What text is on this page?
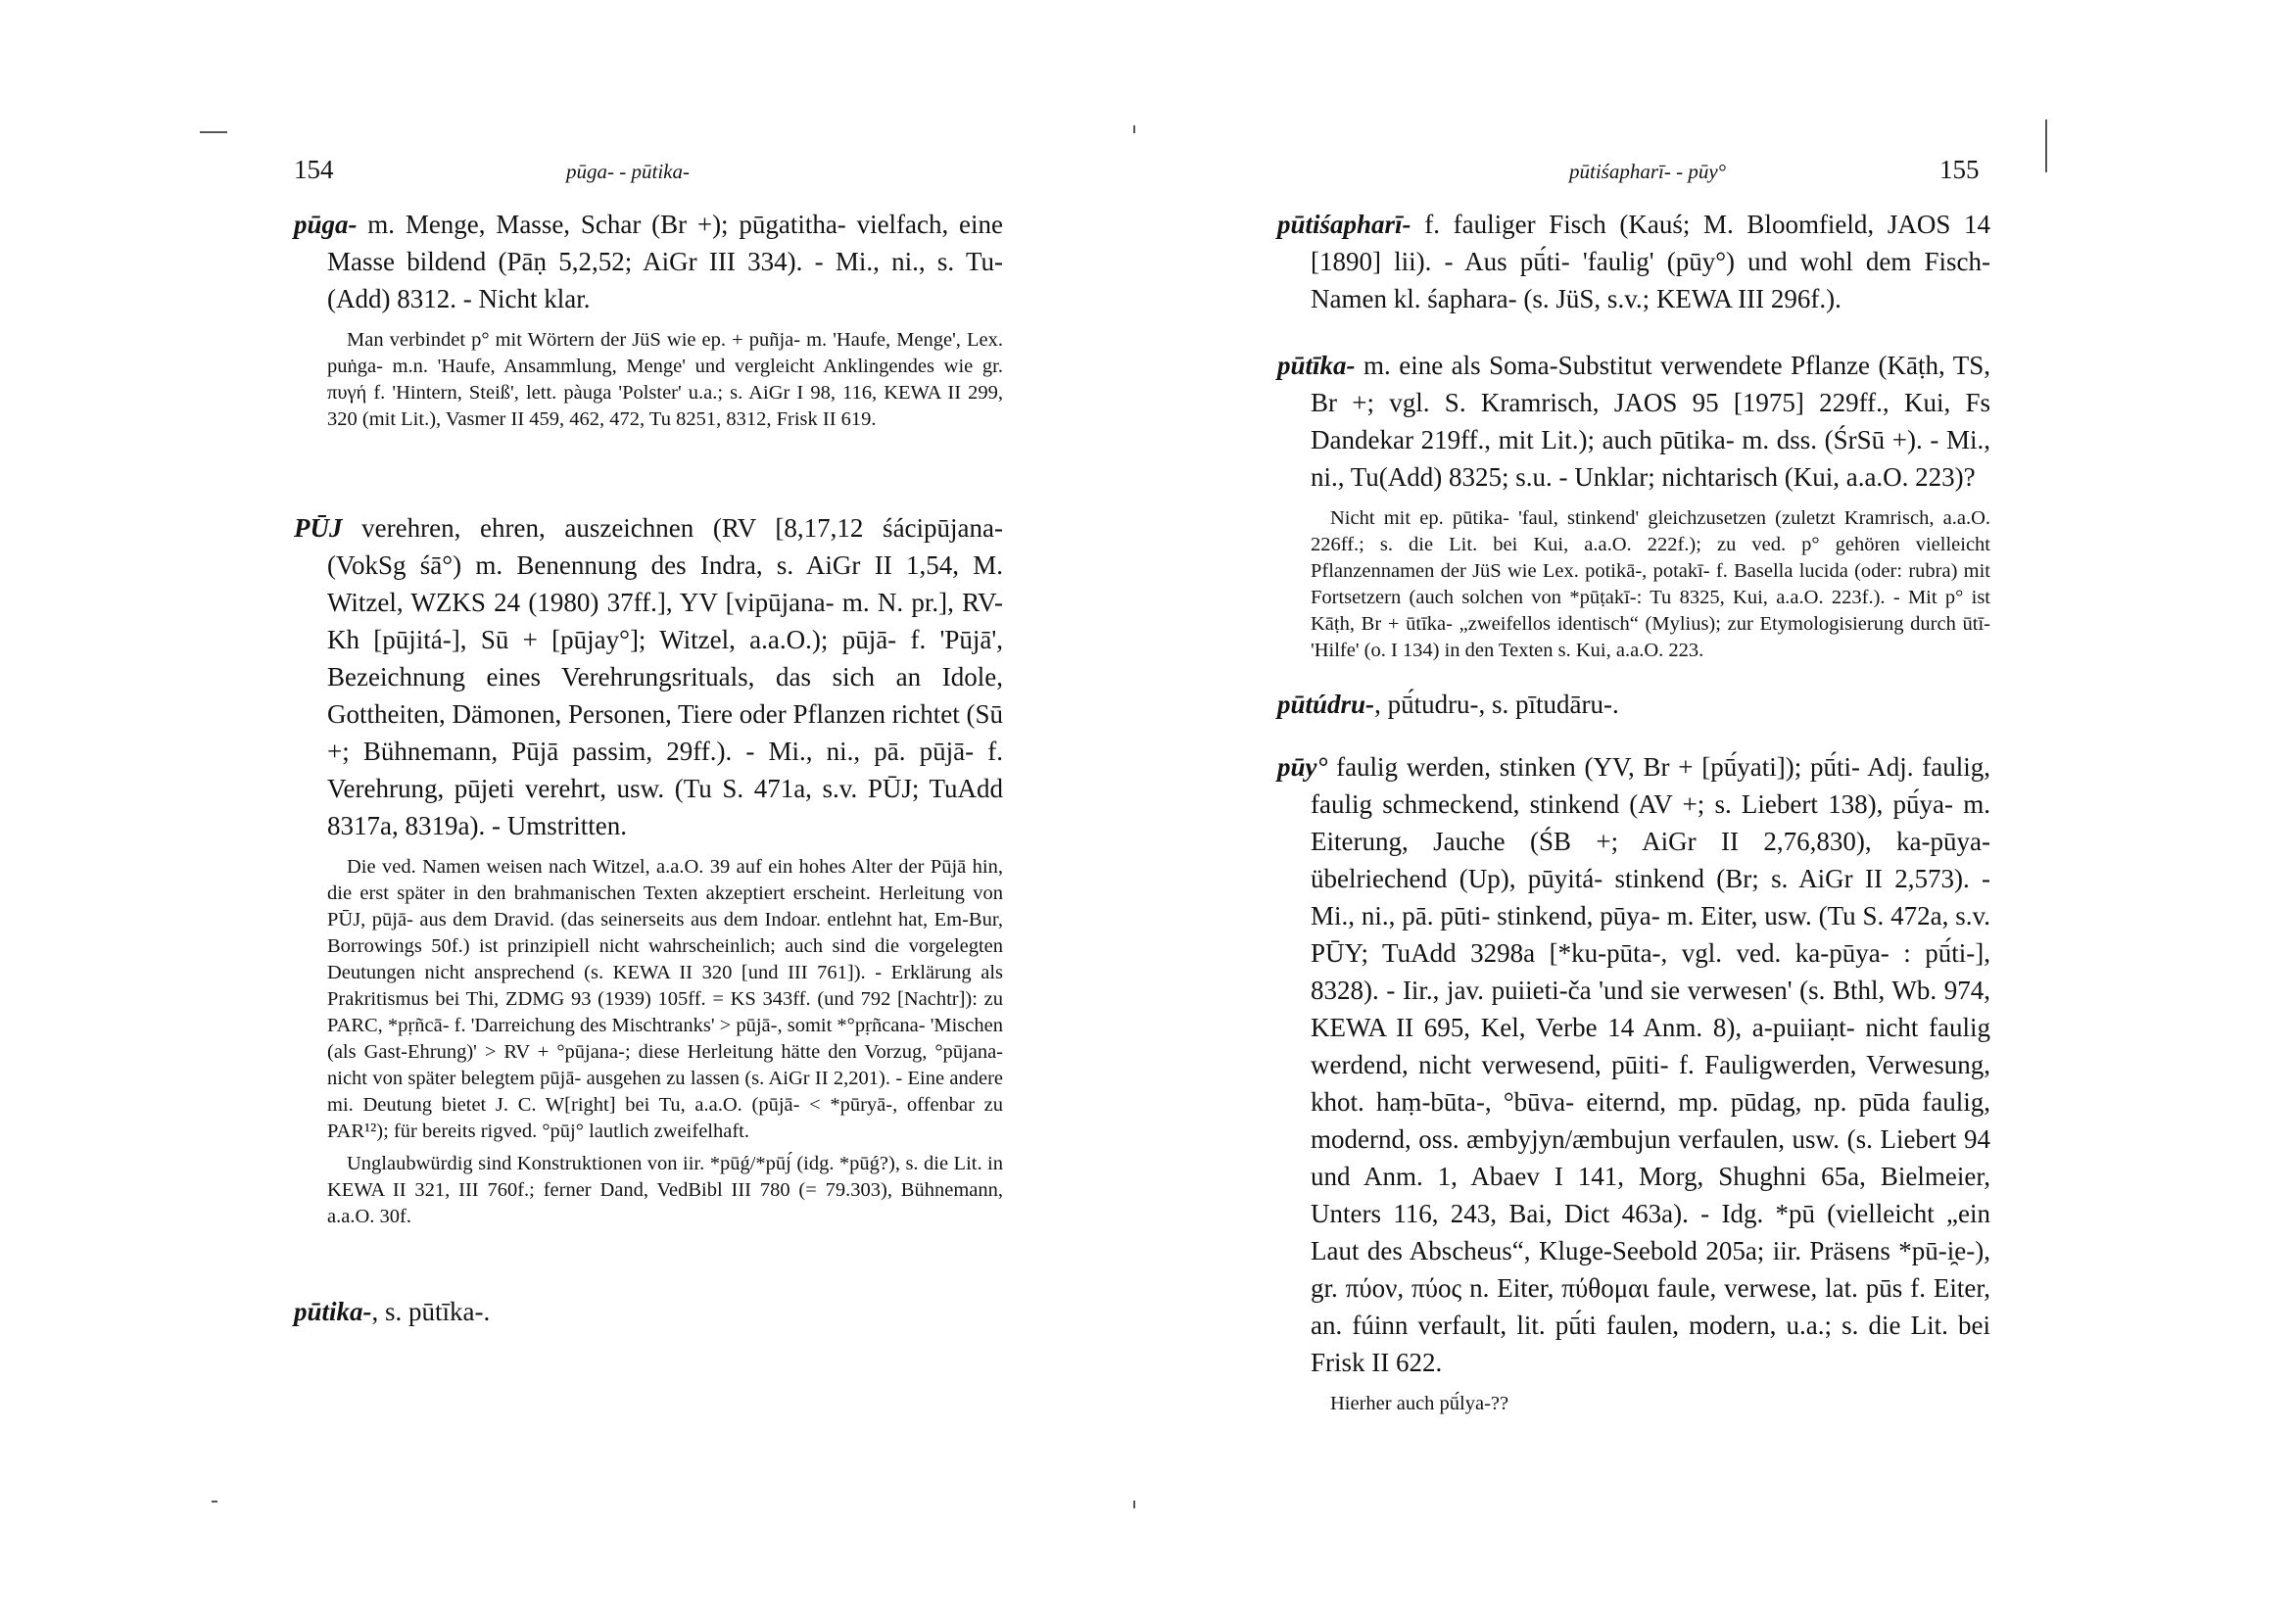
154	pūga- - pūtika-

pūga- m. Menge, Masse, Schar (Br +); pūgatitha- vielfach, eine Masse bildend (Pāṇ 5,2,52; AiGr III 334). - Mi., ni., s. Tu-(Add) 8312. - Nicht klar.

Man verbindet p° mit Wörtern der JüS wie ep. + puñja- m. 'Haufe, Menge', Lex. puṅga- m.n. 'Haufe, Ansammlung, Menge' und vergleicht Anklingendes wie gr. πυγή f. 'Hintern, Steiß', lett. pàuga 'Polster' u.a.; s. AiGr I 98, 116, KEWA II 299, 320 (mit Lit.), Vasmer II 459, 462, 472, Tu 8251, 8312, Frisk II 619.

PŪJ verehren, ehren, auszeichnen (RV [8,17,12 śácipūjana- (VokSg śā°) m. Benennung des Indra, s. AiGr II 1,54, M. Witzel, WZKS 24 (1980) 37ff.], YV [vipūjana- m. N. pr.], RV-Kh [pūjitá-], Sū + [pūjay°]; Witzel, a.a.O.); pūjā- f. 'Pūjā', Bezeichnung eines Verehrungsrituals, das sich an Idole, Gottheiten, Dämonen, Personen, Tiere oder Pflanzen richtet (Sū +; Bühnemann, Pūjā passim, 29ff.). - Mi., ni., pā. pūjā- f. Verehrung, pūjeti verehrt, usw. (Tu S. 471a, s.v. PŪJ; TuAdd 8317a, 8319a). - Umstritten.

Die ved. Namen weisen nach Witzel, a.a.O. 39 auf ein hohes Alter der Pūjā hin, die erst später in den brahmanischen Texten akzeptiert erscheint. Herleitung von PŪJ, pūjā- aus dem Dravid. (das seinerseits aus dem Indoar. entlehnt hat, Em-Bur, Borrowings 50f.) ist prinzipiell nicht wahrscheinlich; auch sind die vorgelegten Deutungen nicht ansprechend (s. KEWA II 320 [und III 761]). - Erklärung als Prakritismus bei Thi, ZDMG 93 (1939) 105ff. = KS 343ff. (und 792 [Nachtr]): zu PARC, *pṛñcā- f. 'Darreichung des Mischtranks' > pūjā-, somit *°pṛñcana- 'Mischen (als Gast-Ehrung)' > RV + °pūjana-; diese Herleitung hätte den Vorzug, °pūjana- nicht von später belegtem pūjā- ausgehen zu lassen (s. AiGr II 2,201). - Eine andere mi. Deutung bietet J. C. W[right] bei Tu, a.a.O. (pūjā- < *pūryā-, offenbar zu PAR¹²); für bereits rigved. °pūj° lautlich zweifelhaft.

Unglaubwürdig sind Konstruktionen von iir. *pūǵ/*pūj́ (idg. *pūǵ?), s. die Lit. in KEWA II 321, III 760f.; ferner Dand, VedBibl III 780 (= 79.303), Bühnemann, a.a.O. 30f.

pūtika-, s. pūtīka-.

pūtiśapharī- - pūy°	155

pūtiśapharī- f. fauliger Fisch (Kauś; M. Bloomfield, JAOS 14 [1890] lii). - Aus pū́ti- 'faulig' (pūy°) und wohl dem Fisch-Namen kl. śaphara- (s. JüS, s.v.; KEWA III 296f.).

pūtīka- m. eine als Soma-Substitut verwendete Pflanze (Kāṭh, TS, Br +; vgl. S. Kramrisch, JAOS 95 [1975] 229ff., Kui, Fs Dandekar 219ff., mit Lit.); auch pūtika- m. dss. (ŚrSū +). - Mi., ni., Tu(Add) 8325; s.u. - Unklar; nichtarisch (Kui, a.a.O. 223)?

Nicht mit ep. pūtika- 'faul, stinkend' gleichzusetzen (zuletzt Kramrisch, a.a.O. 226ff.; s. die Lit. bei Kui, a.a.O. 222f.); zu ved. p° gehören vielleicht Pflanzennamen der JüS wie Lex. potikā-, potakī- f. Basella lucida (oder: rubra) mit Fortsetzern (auch solchen von *pūṭakī-: Tu 8325, Kui, a.a.O. 223f.). - Mit p° ist Kāṭh, Br + ūtīka- „zweifellos identisch“ (Mylius); zur Etymologisierung durch ūtī- 'Hilfe' (o. I 134) in den Texten s. Kui, a.a.O. 223.

pūtúdru-, pū́tudru-, s. pītudāru-.

pūy° faulig werden, stinken (YV, Br + [pū́yati]); pū́ti- Adj. faulig, faulig schmeckend, stinkend (AV +; s. Liebert 138), pū́ya- m. Eiterung, Jauche (ŚB +; AiGr II 2,76,830), ka-pūya- übelriechend (Up), pūyitá- stinkend (Br; s. AiGr II 2,573). - Mi., ni., pā. pūti- stinkend, pūya- m. Eiter, usw. (Tu S. 472a, s.v. PŪY; TuAdd 3298a [*ku-pūta-, vgl. ved. ka-pūya- : pū́ti-], 8328). - Iir., jav. puiieti-ča 'und sie verwesen' (s. Bthl, Wb. 974, KEWA II 695, Kel, Verbe 14 Anm. 8), a-puiiaṇt- nicht faulig werdend, nicht verwesend, pūiti- f. Fauligwerden, Verwesung, khot. haṃ-būta-, °būva- eiternd, mp. pūdag, np. pūda faulig, modernd, oss. æmbyjyn/æmbujun verfaulen, usw. (s. Liebert 94 und Anm. 1, Abaev I 141, Morg, Shughni 65a, Bielmeier, Unters 116, 243, Bai, Dict 463a). - Idg. *pū (vielleicht „ein Laut des Abscheus“, Kluge-Seebold 205a; iir. Präsens *pū-i̯e-), gr. πύον, πύος n. Eiter, πύθομαι faule, verwese, lat. pūs f. Eiter, an. fúinn verfault, lit. pū́ti faulen, modern, u.a.; s. die Lit. bei Frisk II 622.

Hierher auch pū́lya-??
